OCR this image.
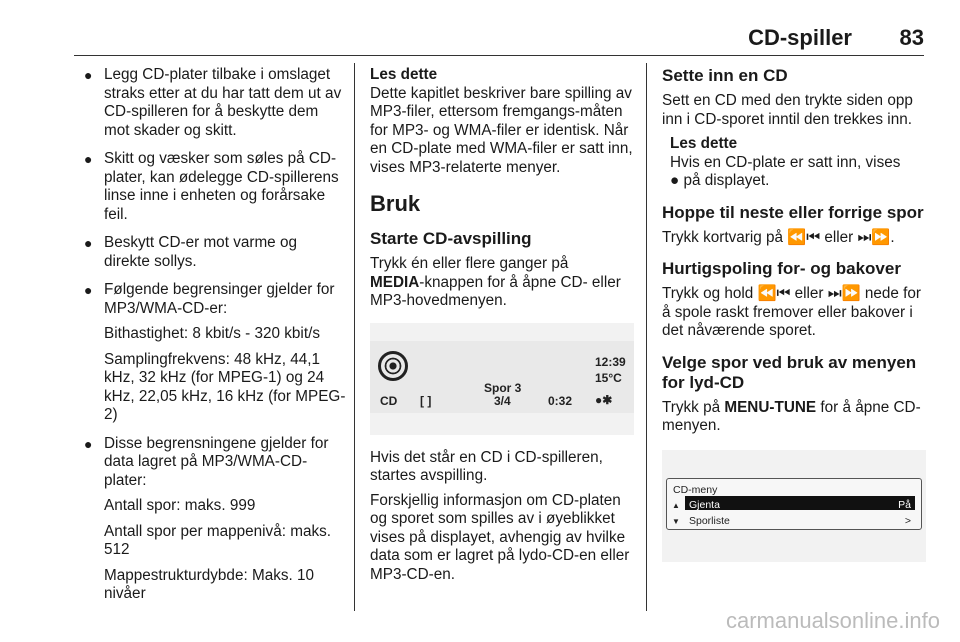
CD-spiller 83
● Legg CD-plater tilbake i omslaget straks etter at du har tatt dem ut av CD-spilleren for å beskytte dem mot skader og skitt.
● Skitt og væsker som søles på CD-plater, kan ødelegge CD-spillerens linse inne i enheten og forårsake feil.
● Beskytt CD-er mot varme og direkte sollys.
● Følgende begrensinger gjelder for MP3/WMA-CD-er:

Bithastighet: 8 kbit/s - 320 kbit/s

Samplingfrekvens: 48 kHz, 44,1 kHz, 32 kHz (for MPEG-1) og 24 kHz, 22,05 kHz, 16 kHz (for MPEG-2)

● Disse begrensningene gjelder for data lagret på MP3/WMA-CD-plater:

Antall spor: maks. 999

Antall spor per mappenivå: maks. 512

Mappestrukturdybde: Maks. 10 nivåer

Les dette

Dette kapitlet beskriver bare spilling av MP3-filer, ettersom fremgangs-måten for MP3- og WMA-filer er identisk. Når en CD-plate med WMA-filer er satt inn, vises MP3-relaterte menyer.

Bruk
Starte CD-avspilling

Trykk én eller flere ganger på
MEDIA-knappen for å åpne CD- eller MP3-hovedmenyen.

CD [ ]
Spor 3
3/4	0:32
12:39
15°C
●✱

Hvis det står en CD i CD-spilleren, startes avspilling.

Forskjellig informasjon om CD-platen og sporet som spilles av i øyeblikket vises på displayet, avhengig av hvilke data som er lagret på lydo-CD-en eller MP3-CD-en.

Sette inn en CD

Sett en CD med den trykte siden opp inn i CD-sporet inntil den trekkes inn.

Les dette

Hvis en CD-plate er satt inn, vises
● på displayet.

Hoppe til neste eller forrige spor

Trykk kortvarig på ⏪⏮ eller ⏭⏩.

Hurtigspoling for- og bakover

Trykk og hold ⏪⏮ eller ⏭⏩ nede for å spole raskt fremover eller bakover i det nåværende sporet.

Velge spor ved bruk av menyen for lyd-CD

Trykk på MENU-TUNE for å åpne CD-menyen.

CD-meny
▲
▼
Gjenta	På
Sporliste	>
carmanualsonline.info
